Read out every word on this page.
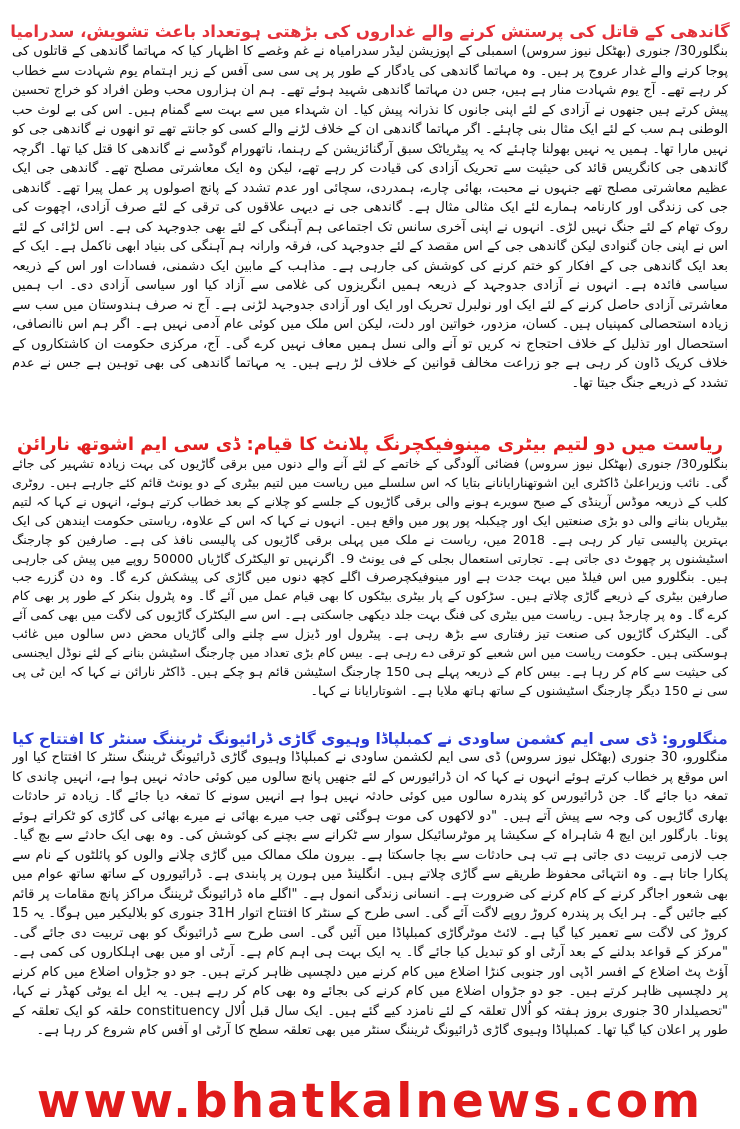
گاندھی کے قاتل کی پرستش کرنے والے غداروں کی بڑھتی ہوتعداد باعث تشویش، سدرامیا

بنگلور30/ جنوری (بھٹکل نیوز سروس) اسمبلی کے اپوزیشن لیڈر سدرامیاہ نے غم وغصے کا اظہار کیا کہ مہاتما گاندھی کے قاتلوں کی پوجا کرنے والے غدار عروج پر ہیں۔ وہ مہاتما گاندھی کی یادگار کے طور پر پی سی سی آفس کے زیر اہتمام یوم شہادت سے خطاب کر رہے تھے۔ آج یوم شہادت منار ہے ہیں، جس دن مہاتما گاندھی شہید ہوئے تھے۔ ہم ان ہزاروں محب وطن افراد کو خراج تحسین پیش کرتے ہیں جنھوں نے آزادی کے لئے اپنی جانوں کا نذرانہ پیش کیا۔ ان شہداء میں سے بہت سے گمنام ہیں۔ اس کی بے لوث حب الوطنی ہم سب کے لئے ایک مثال بنی چاہئے۔ اگر مہاتما گاندھی ان کے خلاف لڑنے والے کسی کو جانتے تھے تو انھوں نے گاندھی جی کو نہیں مارا تھا۔ ہمیں یہ نہیں بھولنا چاہئے کہ یہ پیٹریاٹک سبق آرگنائزیشن کے رہنما، ناتھورام گوڈسے نے گاندھی کا قتل کیا تھا۔ اگرچہ گاندھی جی کانگریس قائد کی حیثیت سے تحریک آزادی کی قیادت کر رہے تھے، لیکن وہ ایک معاشرتی مصلح تھے۔ گاندھی جی ایک عظیم معاشرتی مصلح تھے جنہوں نے محبت، بھائی چارے، ہمدردی، سچائی اور عدم تشدد کے پانچ اصولوں پر عمل پیرا تھے۔ گاندھی جی کی زندگی اور کارنامہ ہمارے لئے ایک مثالی مثال ہے۔ گاندھی جی نے دیہی علاقوں کی ترقی کے لئے صرف آزادی، اچھوت کی روک تھام کے لئے جنگ نہیں لڑی۔ انہوں نے اپنی آخری سانس تک اجتماعی ہم آہنگی کے لئے بھی جدوجہد کی ہے۔ اس لڑائی کے لئے اس نے اپنی جان گنوادی لیکن گاندھی جی کے اس مقصد کے لئے جدوجہد کی، فرقہ وارانہ ہم آہنگی کی بنیاد ابھی ناکمل ہے۔ ایک کے بعد ایک گاندھی جی کے افکار کو ختم کرنے کی کوشش کی جارہی ہے۔ مذاہب کے مابین ایک دشمنی، فسادات اور اس کے ذریعہ سیاسی فائدہ ہے۔ انہوں نے آزادی جدوجہد کے ذریعہ ہمیں انگریزوں کی غلامی سے آزاد کیا اور سیاسی آزادی دی۔ اب ہمیں معاشرتی آزادی حاصل کرنے کے لئے ایک اور نولبرل تحریک اور ایک اور آزادی جدوجہد لڑنی ہے۔ آج نہ صرف ہندوستان میں سب سے زیادہ استحصالی کمپنیاں ہیں۔ کسان، مزدور، خواتین اور دلت، لیکن اس ملک میں کوئی عام آدمی نہیں ہے۔ اگر ہم اس ناانصافی، استحصال اور تذلیل کے خلاف احتجاج نہ کریں تو آنے والی نسل ہمیں معاف نہیں کرے گی۔ آج، مرکزی حکومت ان کاشتکاروں کے خلاف کریک ڈاون کر رہی ہے جو زراعت مخالف قوانین کے خلاف لڑ رہے ہیں۔ یہ مہاتما گاندھی کی بھی توہین ہے جس نے عدم تشدد کے ذریعے جنگ جیتا تھا۔

ریاست میں دو لتیم بیٹری مینوفیکچرنگ پلانٹ کا قیام: ڈی سی ایم اشوتھ نارائن

بنگلور30/ جنوری (بھٹکل نیوز سروس) فضائی آلودگی کے خاتمے کے لئے آنے والے دنوں میں برقی گاڑیوں کی بہت زیادہ تشہیر کی جائے گی۔ نائب وزیراعلیٰ ڈاکٹری این اشوتھنارایانانے بتایا کہ اس سلسلے میں ریاست میں لتیم بیٹری کے دو یونٹ قائم کئے جارہے ہیں۔ روٹری کلب کے ذریعہ موڈس آرینڈی کے صبح سویرے ہونے والی برقی گاڑیوں کے جلسے کو چلانے کے بعد خطاب کرتے ہوئے، انہوں نے کہا کہ لتیم بیٹریاں بنانے والی دو بڑی صنعتیں ایک اور چیکبلہ پور پور میں واقع ہیں۔ انہوں نے کہا کہ اس کے علاوہ، ریاستی حکومت ایندھن کی ایک بہترین پالیسی تیار کر رہی ہے۔ 2018 میں، ریاست نے ملک میں پہلی برقی گاڑیوں کی پالیسی نافذ کی ہے۔ صارفین کو چارجنگ اسٹیشنوں پر چھوٹ دی جاتی ہے۔ تجارتی استعمال بجلی کے فی یونٹ 9۔ اگرنہیں تو الیکٹرک گاڑیاں 50000 روپے میں پیش کی جارہی ہیں۔ بنگلورو میں اس فیلڈ میں بہت جدت ہے اور مینوفیکچرصرف اگلے کچھ دنوں میں گاڑی کی پیشکش کرے گا۔ وہ دن گزرے جب صارفین بیٹری کے ذریعے گاڑی چلاتے ہیں۔ سڑکوں کے پار بیٹری بیٹکوں کا بھی قیام عمل میں آئے گا۔ وہ پٹرول بنکر کے طور پر بھی کام کرے گا۔ وہ پر چارجڈ ہیں۔ ریاست میں بیٹری کی فنگ بہت جلد دیکھی جاسکتی ہے۔ اس سے الیکٹرک گاڑیوں کی لاگت میں بھی کمی آئے گی۔ الیکٹرک گاڑیوں کی صنعت تیز رفتاری سے بڑھ رہی ہے۔ پیٹرول اور ڈیزل سے چلنے والی گاڑیاں محض دس سالوں میں غائب ہوسکتی ہیں۔ حکومت ریاست میں اس شعبے کو ترقی دے رہی ہے۔ بیس کام بڑی تعداد میں چارجنگ اسٹیشن بنانے کے لئے نوڈل ایجنسی کی حیثیت سے کام کر رہا ہے۔ بیس کام کے ذریعہ پہلے ہی 150 چارجنگ اسٹیشن قائم ہو چکے ہیں۔ ڈاکٹر نارائن نے کہا کہ این ٹی پی سی نے 150 دیگر چارجنگ اسٹیشنوں کے ساتھ ہاتھ ملایا ہے۔ اشوتارایانا نے کہا۔

منگلورو: ڈی سی ایم کشمن ساودی نے کمبلپاڈا وہیوی گاڑی ڈرائیونگ ٹریننگ سنٹر کا افتتاح کیا

منگلورو، 30 جنوری (بھٹکل نیوز سروس) ڈی سی ایم لکشمن ساودی نے کمبلپاڈا وہیوی گاڑی ڈرائیونگ ٹریننگ سنٹر کا افتتاح کیا اور اس موقع پر خطاب کرتے ہوئے انہوں نے کہا کہ ان ڈرائیورس کے لئے جنھیں پانچ سالوں میں کوئی حادثہ نہیں ہوا ہے، انہیں چاندی کا تمغہ دیا جائے گا۔ جن ڈرائیورس کو پندرہ سالوں میں کوئی حادثہ نہیں ہوا ہے انہیں سونے کا تمغہ دیا جائے گا۔ زیادہ تر حادثات بھاری گاڑیوں کی وجہ سے پیش آتے ہیں۔ "دو لاکھوں کی موت ہوگئی تھی جب میرے بھائی نے میرے بھائی کی گاڑی کو ٹکراتے ہوئے پونا۔ بارگلور این ایچ 4 شاہراہ کے سکیشا پر موٹرسائیکل سوار سے ٹکرانے سے بچنے کی کوشش کی۔ وہ بھی ایک حادثے سے بچ گیا۔ جب لازمی تربیت دی جاتی ہے تب ہی حادثات سے بچا جاسکتا ہے۔ بیرون ملک ممالک میں گاڑی چلانے والوں کو پائلٹوں کے نام سے پکارا جاتا ہے۔ وہ انتہائی محفوظ طریقے سے گاڑی چلاتے ہیں۔ انگلینڈ میں ہورن پر پابندی ہے۔ ڈرائیوروں کے ساتھ ساتھ عوام میں بھی شعور اجاگر کرنے کے کام کرنے کی ضرورت ہے۔ انسانی زندگی انمول ہے۔ "اگلے ماہ ڈرائیونگ ٹریننگ مراکز پانچ مقامات پر قائم کیے جائیں گے۔ ہر ایک پر پندرہ کروڑ روپے لاگت آئے گی۔ اسی طرح کے سنٹر کا افتتاح اتوار 31H جنوری کو بلالیکیر میں ہوگا۔ یہ 15 کروڑ کی لاگت سے تعمیر کیا گیا ہے۔ لائٹ موٹرگاڑی کمبلپاڈا میں آئیں گی۔ اسی طرح سے ڈرائیونگ کو بھی تربیت دی جائے گی۔ "مرکز کے قواعد بدلنے کے بعد آرٹی او کو تبدیل کیا جائے گا۔ یہ ایک بہت ہی اہم کام ہے۔ آرٹی او میں بھی اہلکاروں کی کمی ہے۔ آؤٹ پٹ اضلاع کے افسر اڈپی اور جنوبی کنڑا اضلاع میں کام کرنے میں دلچسپی ظاہر کرتے ہیں۔ جو دو جڑواں اضلاع میں کام کرنے پر دلچسپی ظاہر کرتے ہیں۔ جو دو جڑواں اضلاع میں کام کرنے کی بجائے وہ بھی کام کر رہے ہیں۔ یہ ایل اے یوٹی کھڈر نے کہا، "تحصیلدار 30 جنوری بروز ہفتہ کو اُلال تعلقہ کے لئے نامزد کیے گئے ہیں۔ ایک سال قبل اُلال constituency حلقہ کو ایک تعلقہ کے طور پر اعلان کیا گیا تھا۔ کمبلپاڈا وہیوی گاڑی ڈرائیونگ ٹریننگ سنٹر میں بھی تعلقہ سطح کا آرٹی او آفس کام شروع کر رہا ہے۔

www.bhatkalnews.com
